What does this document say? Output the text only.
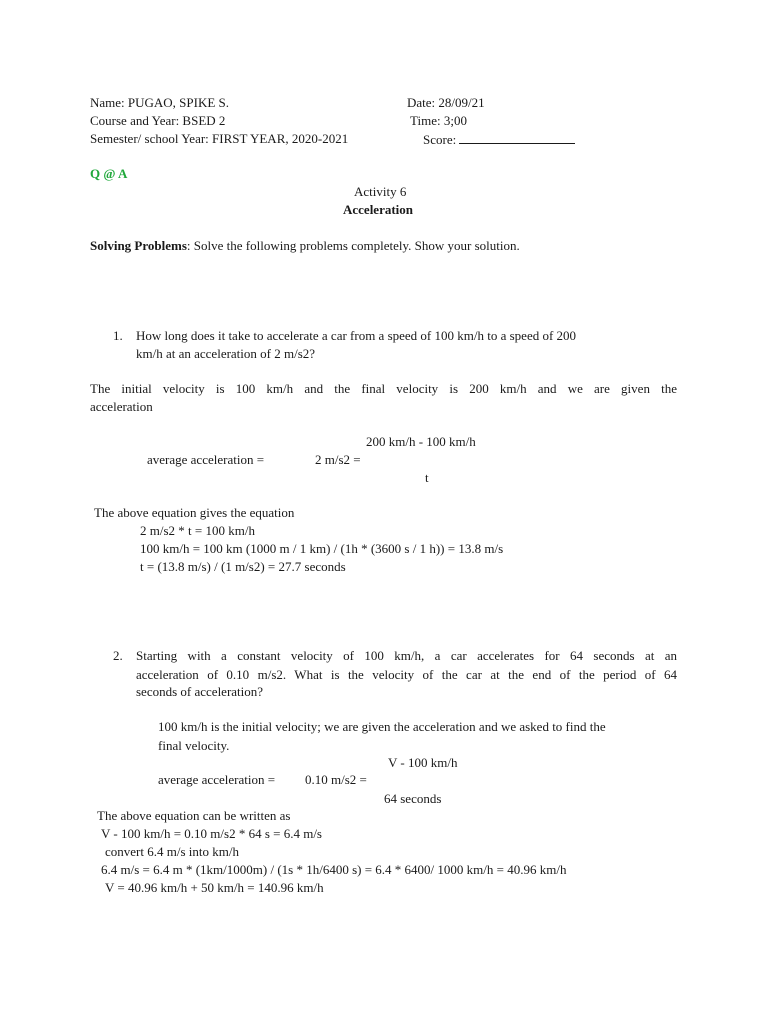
Name: PUGAO, SPIKE S.	Date: 28/09/21
Course and Year: BSED 2	Time: 3;00
Semester/ school Year: FIRST YEAR, 2020-2021	Score:
Q @ A
Activity 6
Acceleration
Solving Problems: Solve the following problems completely. Show your solution.
1. How long does it take to accelerate a car from a speed of 100 km/h to a speed of 200
km/h at an acceleration of 2 m/s2?
The initial velocity is 100 km/h and the final velocity is 200 km/h and we are given the
acceleration
200 km/h - 100 km/h
average acceleration =	2 m/s2 =
t
The above equation gives the equation
2 m/s2 * t = 100 km/h
100 km/h = 100 km (1000 m / 1 km) / (1h * (3600 s / 1 h)) = 13.8 m/s
t = (13.8 m/s) / (1 m/s2) = 27.7 seconds
2. Starting with a constant velocity of 100 km/h, a car accelerates for 64 seconds at an
acceleration of 0.10 m/s2. What is the velocity of the car at the end of the period of 64
seconds of acceleration?
100 km/h is the initial velocity; we are given the acceleration and we asked to find the
final velocity.
V - 100 km/h
average acceleration = 0.10 m/s2 =
64 seconds
The above equation can be written as
V - 100 km/h = 0.10 m/s2 * 64 s = 6.4 m/s
convert 6.4 m/s into km/h
6.4 m/s = 6.4 m * (1km/1000m) / (1s * 1h/6400 s) = 6.4 * 6400/ 1000 km/h = 40.96 km/h
V = 40.96 km/h + 50 km/h = 140.96 km/h
